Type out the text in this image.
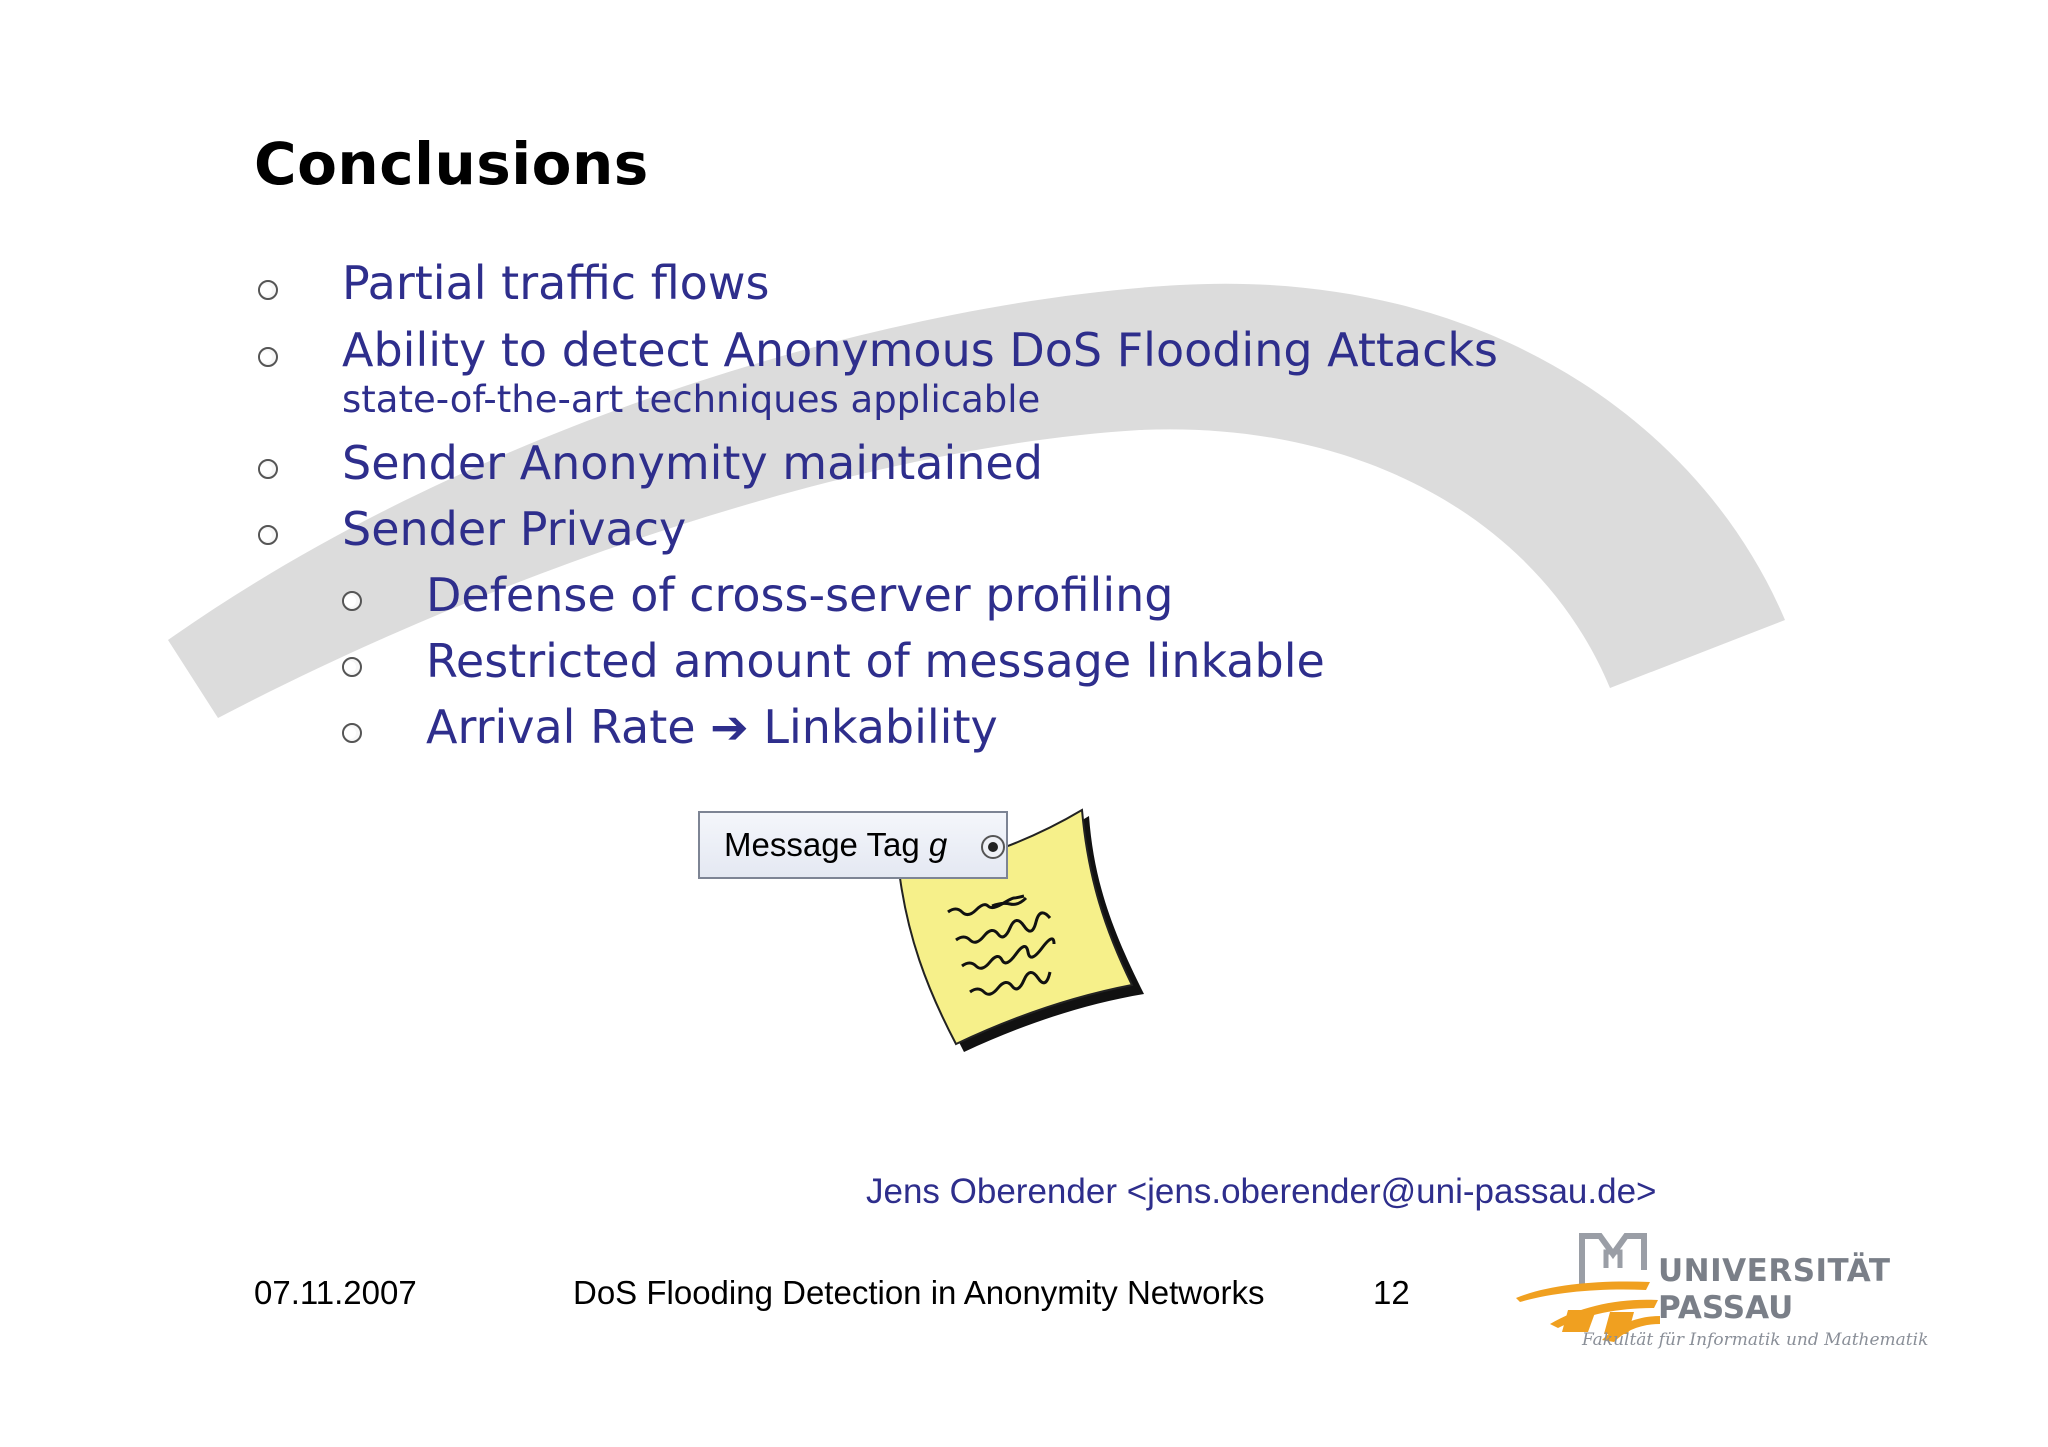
Conclusions
Partial traffic flows
Ability to detect Anonymous DoS Flooding Attacks
state-of-the-art techniques applicable
Sender Anonymity maintained
Sender Privacy
Defense of cross-server profiling
Restricted amount of message linkable
Arrival Rate ➔ Linkability
Message Tag g
Jens Oberender <jens.oberender@uni-passau.de>
07.11.2007	DoS Flooding Detection in Anonymity Networks	12
UNIVERSITÄT
PASSAU
Fakultät für Informatik und Mathematik
